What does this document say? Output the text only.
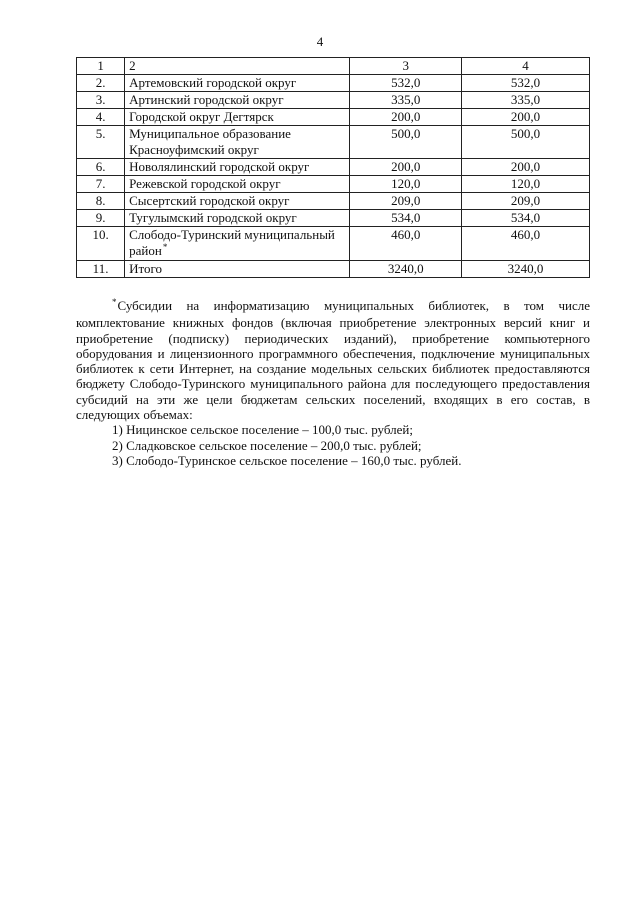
4
1	2	3	4
2.	Артемовский городской округ	532,0	532,0
3.	Артинский городской округ	335,0	335,0
4.	Городской округ Дегтярск	200,0	200,0
5.	Муниципальное образование Красноуфимский округ	500,0	500,0
6.	Новолялинский городской округ	200,0	200,0
7.	Режевской городской округ	120,0	120,0
8.	Сысертский городской округ	209,0	209,0
9.	Тугулымский городской округ	534,0	534,0
10.	Слободо-Туринский муниципальный район*	460,0	460,0
11.	Итого	3240,0	3240,0

*Субсидии на информатизацию муниципальных библиотек, в том числе комплектование книжных фондов (включая приобретение электронных версий книг и приобретение (подписку) периодических изданий), приобретение компьютерного оборудования и лицензионного программного обеспечения, подключение муниципальных библиотек к сети Интернет, на создание модельных сельских библиотек предоставляются бюджету Слободо-Туринского муниципального района для последующего предоставления субсидий на эти же цели бюджетам сельских поселений, входящих в его состав, в следующих объемах:

1) Ницинское сельское поселение – 100,0 тыс. рублей;

2) Сладковское сельское поселение – 200,0 тыс. рублей;

3) Слободо-Туринское сельское поселение – 160,0 тыс. рублей.
